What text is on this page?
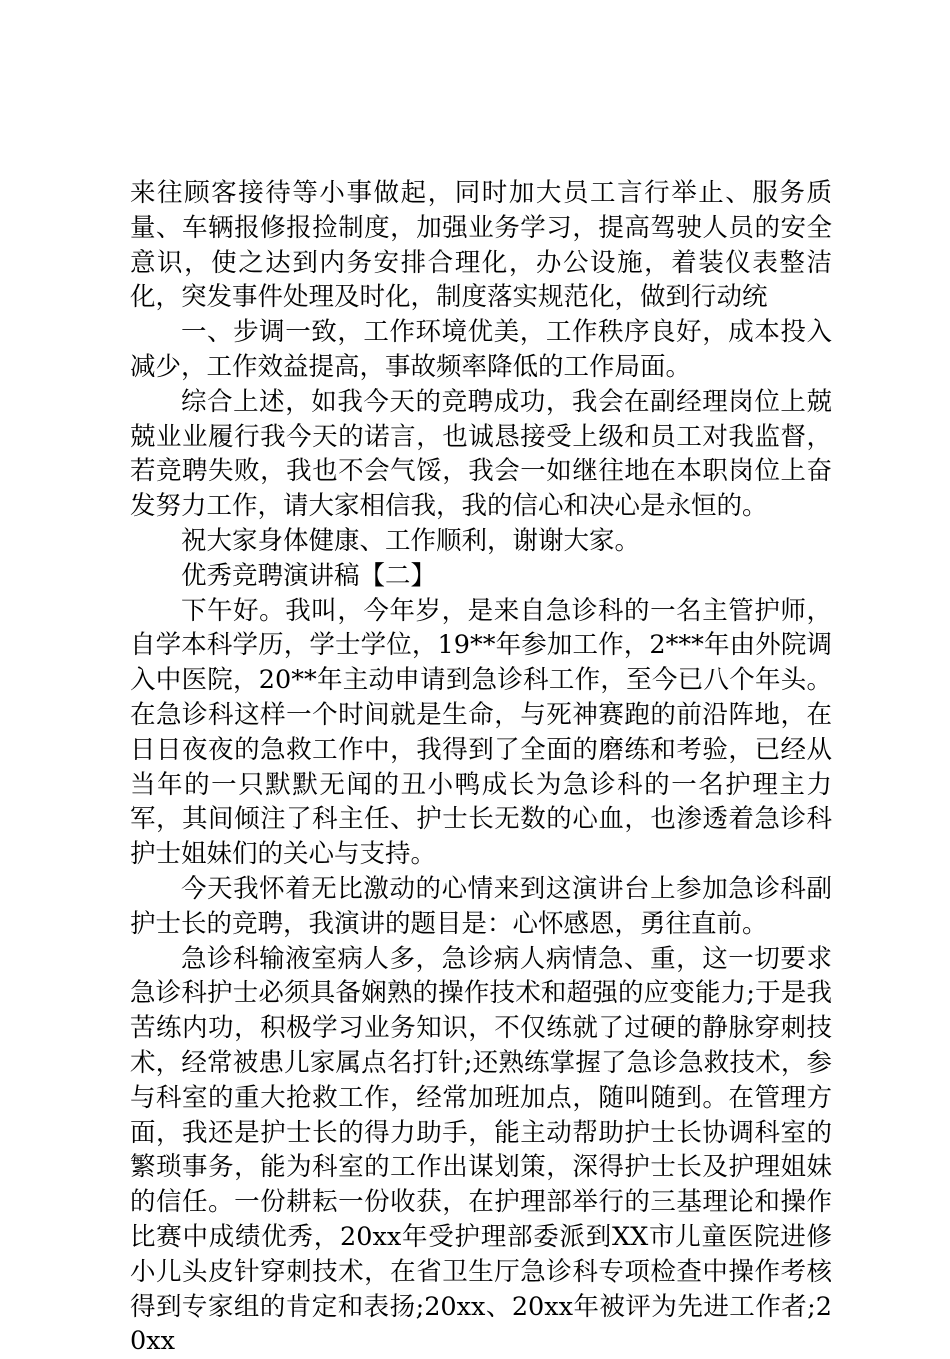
来往顾客接待等小事做起，同时加大员工言行举止、服务质量、车辆报修报捡制度，加强业务学习，提高驾驶人员的安全意识，使之达到内务安排合理化，办公设施，着装仪表整洁化，突发事件处理及时化，制度落实规范化，做到行动统

一、步调一致，工作环境优美，工作秩序良好，成本投入减少，工作效益提高，事故频率降低的工作局面。

综合上述，如我今天的竞聘成功，我会在副经理岗位上兢兢业业履行我今天的诺言，也诚恳接受上级和员工对我监督，若竞聘失败，我也不会气馁，我会一如继往地在本职岗位上奋发努力工作，请大家相信我，我的信心和决心是永恒的。

祝大家身体健康、工作顺利，谢谢大家。

优秀竞聘演讲稿【二】

下午好。我叫，今年岁，是来自急诊科的一名主管护师，自学本科学历，学士学位，19**年参加工作，2***年由外院调入中医院，20**年主动申请到急诊科工作，至今已八个年头。在急诊科这样一个时间就是生命，与死神赛跑的前沿阵地，在日日夜夜的急救工作中，我得到了全面的磨练和考验，已经从当年的一只默默无闻的丑小鸭成长为急诊科的一名护理主力军，其间倾注了科主任、护士长无数的心血，也渗透着急诊科护士姐妹们的关心与支持。

今天我怀着无比激动的心情来到这演讲台上参加急诊科副护士长的竞聘，我演讲的题目是：心怀感恩，勇往直前。

急诊科输液室病人多，急诊病人病情急、重，这一切要求急诊科护士必须具备娴熟的操作技术和超强的应变能力;于是我苦练内功，积极学习业务知识，不仅练就了过硬的静脉穿刺技术，经常被患儿家属点名打针;还熟练掌握了急诊急救技术，参与科室的重大抢救工作，经常加班加点，随叫随到。在管理方面，我还是护士长的得力助手，能主动帮助护士长协调科室的繁琐事务，能为科室的工作出谋划策，深得护士长及护理姐妹的信任。一份耕耘一份收获，在护理部举行的三基理论和操作比赛中成绩优秀，20xx年受护理部委派到XX市儿童医院进修小儿头皮针穿刺技术，在省卫生厅急诊科专项检查中操作考核得到专家组的肯定和表扬;20xx、20xx年被评为先进工作者;20xx
